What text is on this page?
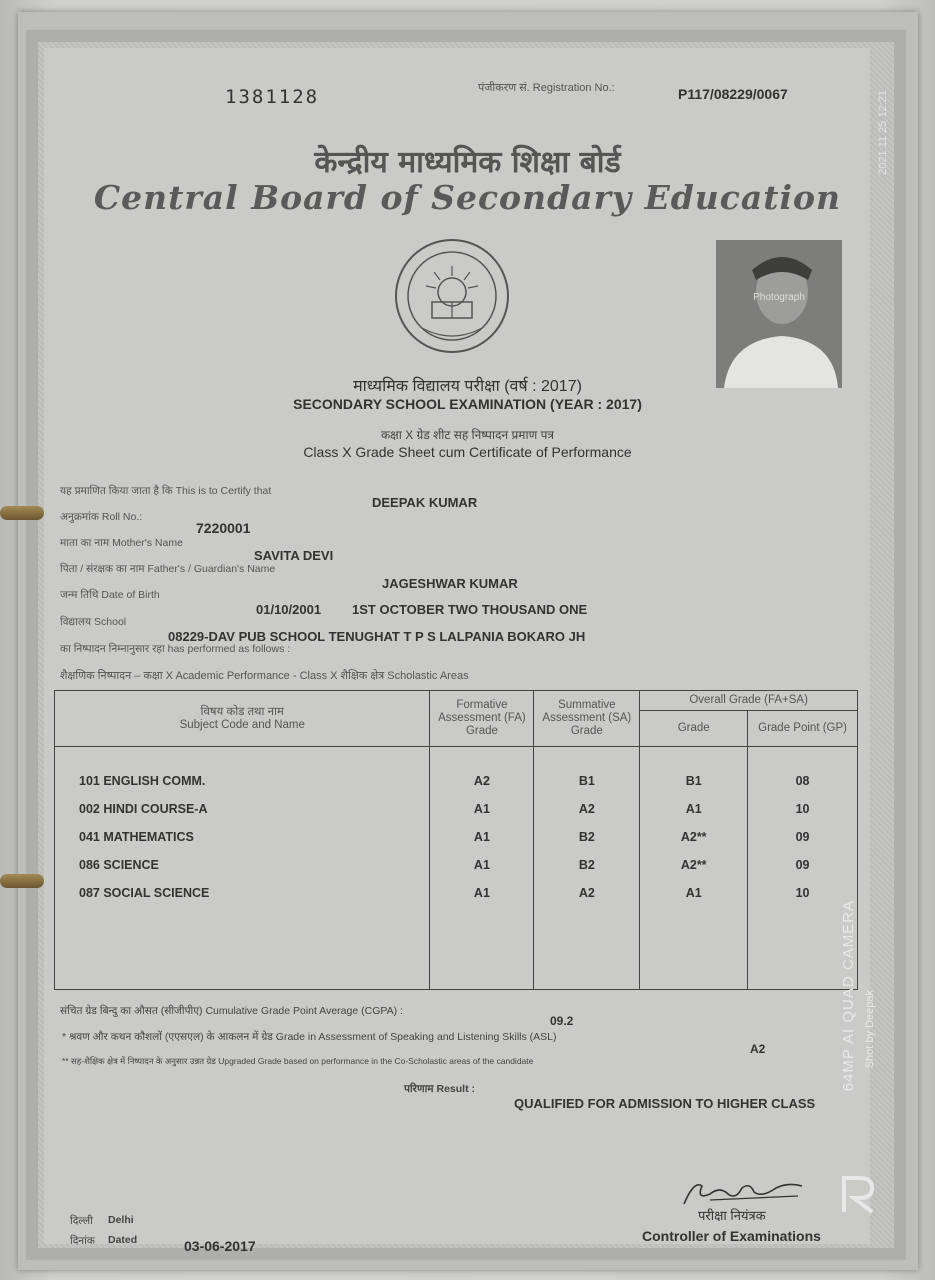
1381128	पंजीकरण सं. Registration No.:	P117/08229/0067
केन्द्रीय माध्यमिक शिक्षा बोर्ड
Central Board of Secondary Education
Photograph
माध्यमिक विद्यालय परीक्षा (वर्ष : 2017)
SECONDARY SCHOOL EXAMINATION (YEAR : 2017)
कक्षा X ग्रेड शीट सह निष्पादन प्रमाण पत्र
Class X Grade Sheet cum Certificate of Performance
यह प्रमाणित किया जाता है कि This is to Certify that
DEEPAK KUMAR
अनुक्रमांक Roll No.:
7220001
माता का नाम Mother's Name
SAVITA DEVI
पिता / संरक्षक का नाम Father's / Guardian's Name
JAGESHWAR KUMAR
जन्म तिथि Date of Birth
01/10/2001 1ST OCTOBER TWO THOUSAND ONE
विद्यालय School
08229-DAV PUB SCHOOL TENUGHAT T P S LALPANIA BOKARO JH
का निष्पादन निम्नानुसार रहा has performed as follows :
शैक्षणिक निष्पादन – कक्षा X Academic Performance - Class X शैक्षिक क्षेत्र Scholastic Areas
विषय कोड तथा नाम
Subject Code and Name	Formative Assessment (FA) Grade	Summative Assessment (SA) Grade	Overall Grade (FA+SA)	
			Grade	Grade Point (GP)

101 ENGLISH COMM.	A2	B1	B1	08
002 HINDI COURSE-A	A1	A2	A1	10
041 MATHEMATICS	A1	B2	A2**	09
086 SCIENCE	A1	B2	A2**	09
087 SOCIAL SCIENCE	A1	A2	A1	10

संचित ग्रेड बिन्दु का औसत (सीजीपीए) Cumulative Grade Point Average (CGPA) :
09.2
* श्रवण और कथन कौशलों (एएसएल) के आकलन में ग्रेड Grade in Assessment of Speaking and Listening Skills (ASL)
A2
** सह-शैक्षिक क्षेत्र में निष्पादन के अनुसार उन्नत ग्रेड Upgraded Grade based on performance in the Co-Scholastic areas of the candidate
परिणाम Result :
QUALIFIED FOR ADMISSION TO HIGHER CLASS
परीक्षा नियंत्रक
Controller of Examinations
दिल्ली Delhi
दिनांक Dated	03-06-2017
2021 11 25 12:21
64MP AI QUAD CAMERA Shot by Deepak
